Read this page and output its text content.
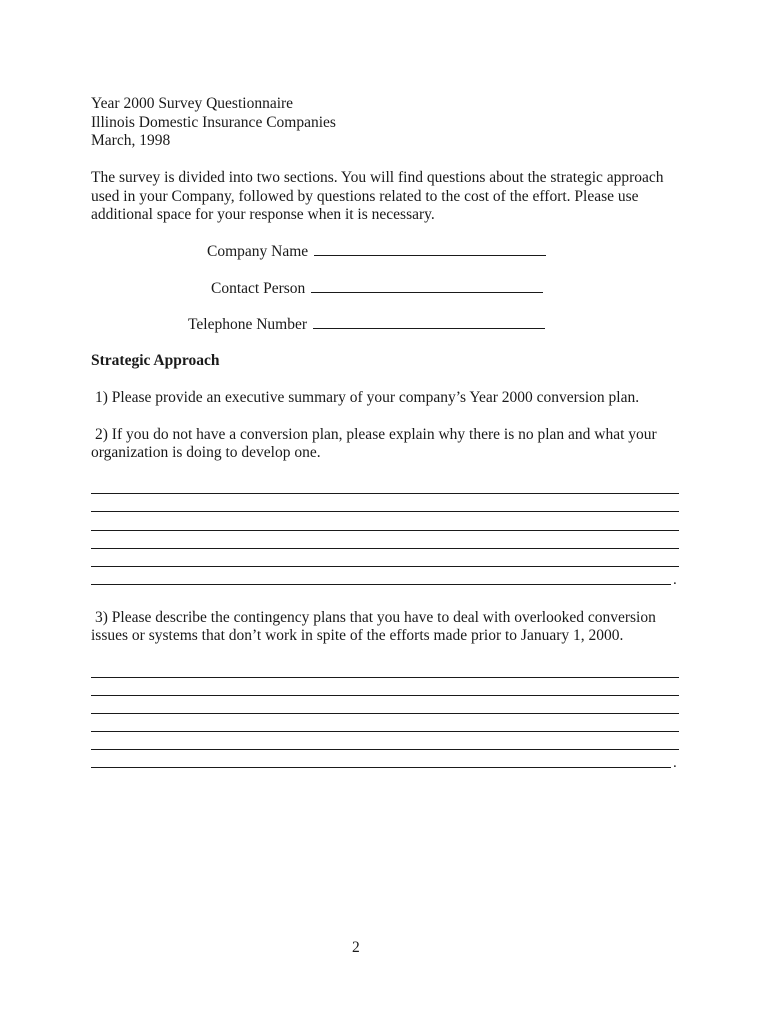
Year 2000 Survey Questionnaire
Illinois Domestic Insurance Companies
March, 1998
The survey is divided into two sections. You will find questions about the strategic approach
used in your Company, followed by questions related to the cost of the effort. Please use
additional space for your response when it is necessary.
Company Name
Contact Person
Telephone Number
Strategic Approach
1) Please provide an executive summary of your company’s Year 2000 conversion plan.
2) If you do not have a conversion plan, please explain why there is no plan and what your
organization is doing to develop one.
.
3) Please describe the contingency plans that you have to deal with overlooked conversion
issues or systems that don’t work in spite of the efforts made prior to January 1, 2000.
.
2
